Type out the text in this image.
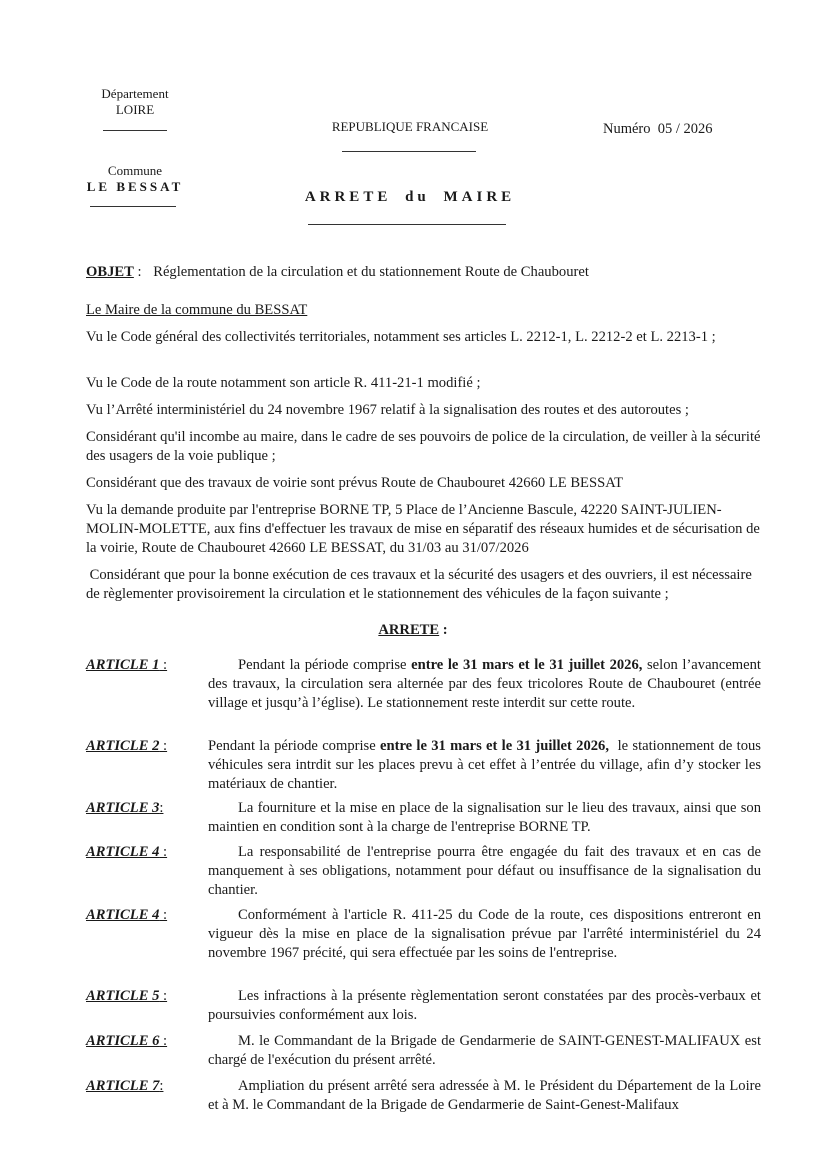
Département
LOIRE
Commune
LE BESSAT
REPUBLIQUE FRANCAISE	Numéro  05 / 2026
ARRETE du MAIRE
OBJET : Réglementation de la circulation et du stationnement Route de Chaubouret
Le Maire de la commune du BESSAT
Vu le Code général des collectivités territoriales, notamment ses articles L. 2212-1, L. 2212-2 et L. 2213-1 ;
Vu le Code de la route notamment son article R. 411-21-1 modifié ;
Vu l’Arrêté interministériel du 24 novembre 1967 relatif à la signalisation des routes et des autoroutes ;
Considérant qu'il incombe au maire, dans le cadre de ses pouvoirs de police de la circulation, de veiller à la sécurité des usagers de la voie publique ;
Considérant que des travaux de voirie sont prévus Route de Chaubouret 42660 LE BESSAT
Vu la demande produite par l'entreprise BORNE TP, 5 Place de l’Ancienne Bascule, 42220 SAINT-JULIEN-MOLIN-MOLETTE, aux fins d'effectuer les travaux de mise en séparatif des réseaux humides et de sécurisation de la voirie, Route de Chaubouret 42660 LE BESSAT, du 31/03 au 31/07/2026
Considérant que pour la bonne exécution de ces travaux et la sécurité des usagers et des ouvriers, il est nécessaire de règlementer provisoirement la circulation et le stationnement des véhicules de la façon suivante ;
ARRETE :
ARTICLE 1 :	Pendant la période comprise entre le 31 mars et le 31 juillet 2026, selon l’avancement des travaux, la circulation sera alternée par des feux tricolores Route de Chaubouret (entrée village et jusqu’à l’église). Le stationnement reste interdit sur cette route.
ARTICLE 2 :	Pendant la période comprise entre le 31 mars et le 31 juillet 2026,  le stationnement de tous véhicules sera intrdit sur les places prevu à cet effet à l’entrée du village, afin d’y stocker les matériaux de chantier.
ARTICLE 3:	La fourniture et la mise en place de la signalisation sur le lieu des travaux, ainsi que son maintien en condition sont à la charge de l'entreprise BORNE TP.
ARTICLE 4 :	La responsabilité de l'entreprise pourra être engagée du fait des travaux et en cas de manquement à ses obligations, notamment pour défaut ou insuffisance de la signalisation du chantier.
ARTICLE 4 :	Conformément à l'article R. 411-25 du Code de la route, ces dispositions entreront en vigueur dès la mise en place de la signalisation prévue par l'arrêté interministériel du 24 novembre 1967 précité, qui sera effectuée par les soins de l'entreprise.
ARTICLE 5 :	Les infractions à la présente règlementation seront constatées par des procès-verbaux et poursuivies conformément aux lois.
ARTICLE 6 :	M. le Commandant de la Brigade de Gendarmerie de SAINT-GENEST-MALIFAUX est chargé de l'exécution du présent arrêté.
ARTICLE 7:	Ampliation du présent arrêté sera adressée à M. le Président du Département de la Loire et à M. le Commandant de la Brigade de Gendarmerie de Saint-Genest-Malifaux
